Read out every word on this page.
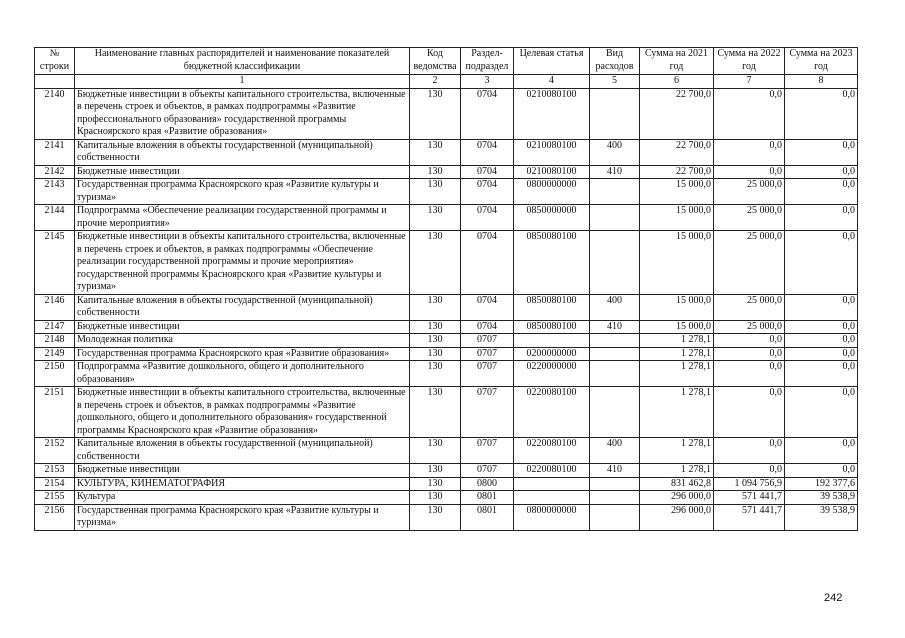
№ строки	Наименование главных распорядителей и наименование показателей бюджетной классификации	Код ведомства	Раздел-подраздел	Целевая статья	Вид расходов	Сумма на 2021 год	Сумма на 2022 год	Сумма на 2023 год
	1	2	3	4	5	6	7	8
2140	Бюджетные инвестиции в объекты капитального строительства, включенные в перечень строек и объектов, в рамках подпрограммы «Развитие профессионального образования» государственной программы Красноярского края «Развитие образования»	130	0704	0210080100		22 700,0	0,0	0,0
2141	Капитальные вложения в объекты государственной (муниципальной) собственности	130	0704	0210080100	400	22 700,0	0,0	0,0
2142	Бюджетные инвестиции	130	0704	0210080100	410	22 700,0	0,0	0,0
2143	Государственная программа Красноярского края «Развитие культуры и туризма»	130	0704	0800000000		15 000,0	25 000,0	0,0
2144	Подпрограмма «Обеспечение реализации государственной программы и прочие мероприятия»	130	0704	0850000000		15 000,0	25 000,0	0,0
2145	Бюджетные инвестиции в объекты капитального строительства, включенные в перечень строек и объектов, в рамках подпрограммы «Обеспечение реализации государственной программы и прочие мероприятия» государственной программы Красноярского края «Развитие культуры и туризма»	130	0704	0850080100		15 000,0	25 000,0	0,0
2146	Капитальные вложения в объекты государственной (муниципальной) собственности	130	0704	0850080100	400	15 000,0	25 000,0	0,0
2147	Бюджетные инвестиции	130	0704	0850080100	410	15 000,0	25 000,0	0,0
2148	Молодежная политика	130	0707			1 278,1	0,0	0,0
2149	Государственная программа Красноярского края «Развитие образования»	130	0707	0200000000		1 278,1	0,0	0,0
2150	Подпрограмма «Развитие дошкольного, общего и дополнительного образования»	130	0707	0220000000		1 278,1	0,0	0,0
2151	Бюджетные инвестиции в объекты капитального строительства, включенные в перечень строек и объектов, в рамках подпрограммы «Развитие дошкольного, общего и дополнительного образования» государственной программы Красноярского края «Развитие образования»	130	0707	0220080100		1 278,1	0,0	0,0
2152	Капитальные вложения в объекты государственной (муниципальной) собственности	130	0707	0220080100	400	1 278,1	0,0	0,0
2153	Бюджетные инвестиции	130	0707	0220080100	410	1 278,1	0,0	0,0
2154	КУЛЬТУРА, КИНЕМАТОГРАФИЯ	130	0800			831 462,8	1 094 756,9	192 377,6
2155	Культура	130	0801			296 000,0	571 441,7	39 538,9
2156	Государственная программа Красноярского края «Развитие культуры и туризма»	130	0801	0800000000		296 000,0	571 441,7	39 538,9
242
